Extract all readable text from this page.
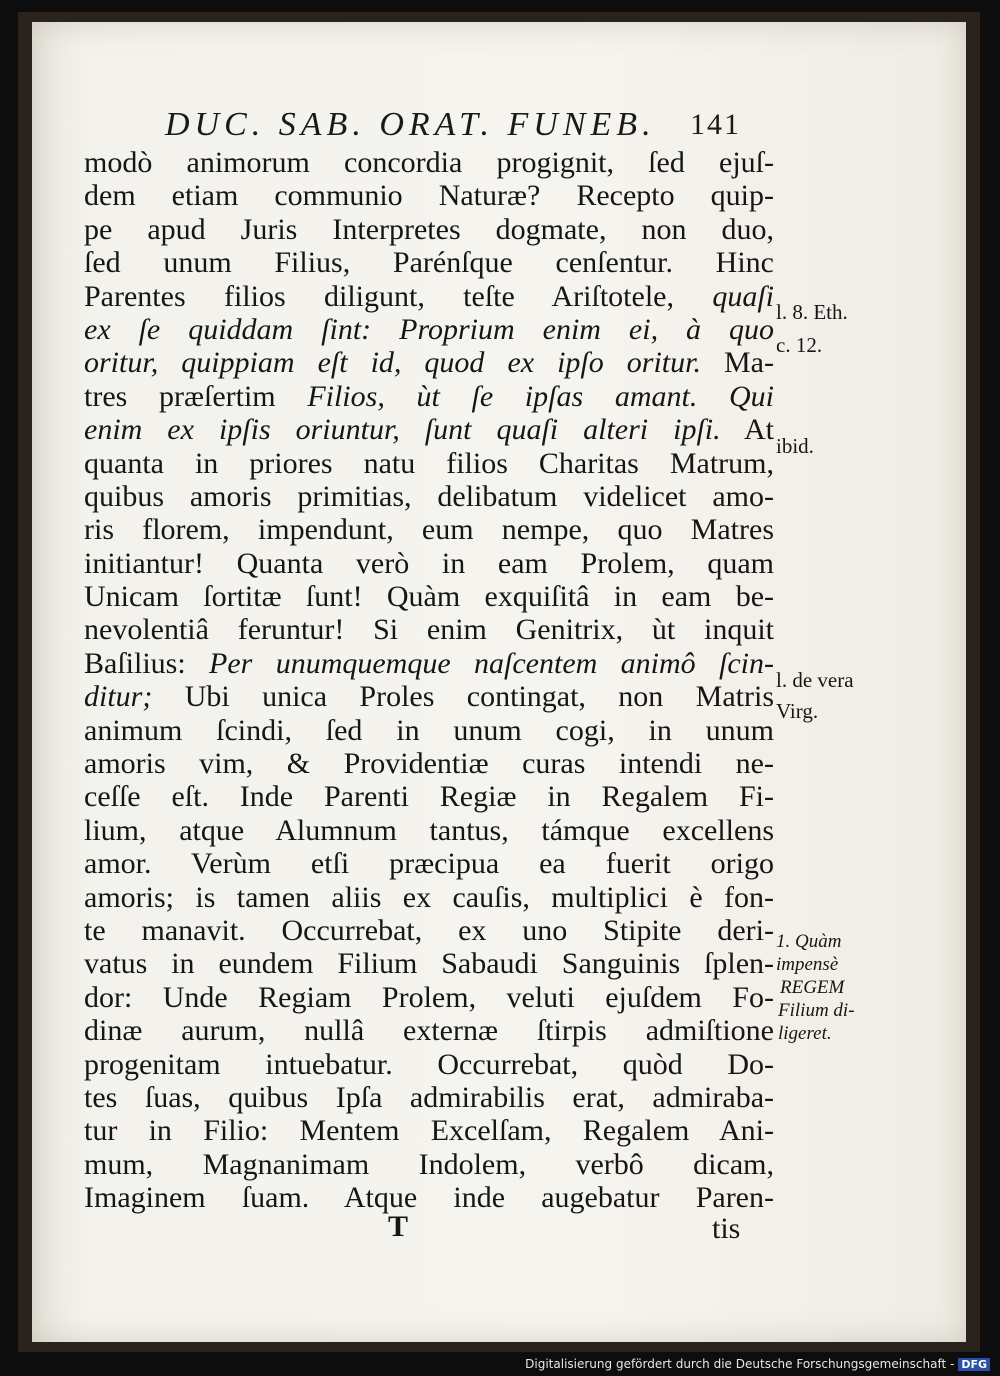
DUC. SAB. ORAT. FUNEB. 141
modò animorum concordia progignit, ſed ejuſ-
dem etiam communio Naturæ? Recepto quip-
pe apud Juris Interpretes dogmate, non duo,
ſed unum Filius, Parénſque cenſentur. Hinc
Parentes filios diligunt, teſte Ariſtotele, quaſi
ex ſe quiddam ſint: Proprium enim ei, à quo
oritur, quippiam eſt id, quod ex ipſo oritur. Ma-
tres præſertim Filios, ùt ſe ipſas amant. Qui
enim ex ipſis oriuntur, ſunt quaſi alteri ipſi. At
quanta in priores natu filios Charitas Matrum,
quibus amoris primitias, delibatum videlicet amo-
ris florem, impendunt, eum nempe, quo Matres
initiantur! Quanta verò in eam Prolem, quam
Unicam ſortitæ ſunt! Quàm exquiſitâ in eam be-
nevolentiâ feruntur! Si enim Genitrix, ùt inquit
Baſilius: Per unumquemque naſcentem animô ſcin-
ditur; Ubi unica Proles contingat, non Matris
animum ſcindi, ſed in unum cogi, in unum
amoris vim, & Providentiæ curas intendi ne-
ceſſe eſt. Inde Parenti Regiæ in Regalem Fi-
lium, atque Alumnum tantus, támque excellens
amor. Verùm etſi præcipua ea fuerit origo
amoris; is tamen aliis ex cauſis, multiplici è fon-
te manavit. Occurrebat, ex uno Stipite deri-
vatus in eundem Filium Sabaudi Sanguinis ſplen-
dor: Unde Regiam Prolem, veluti ejuſdem Fo-
dinæ aurum, nullâ externæ ſtirpis admiſtione
progenitam intuebatur. Occurrebat, quòd Do-
tes ſuas, quibus Ipſa admirabilis erat, admiraba-
tur in Filio: Mentem Excelſam, Regalem Ani-
mum, Magnanimam Indolem, verbô dicam,
Imaginem ſuam. Atque inde augebatur Paren-
l. 8. Eth.
c. 12.
ibid.
l. de vera
Virg.
1. Quàm
impensè
REGEM
Filium di-
ligeret.
T	tis
Digitalisierung gefördert durch die Deutsche Forschungsgemeinschaft - DFG
